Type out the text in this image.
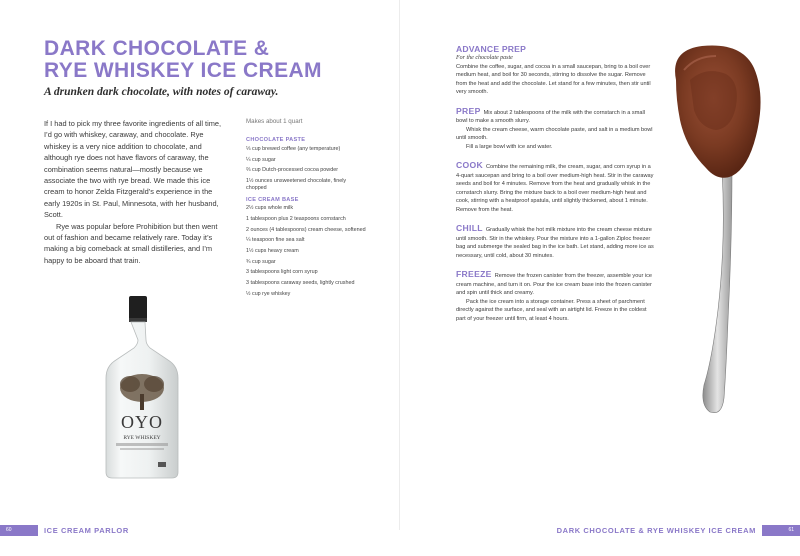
DARK CHOCOLATE &
RYE WHISKEY ICE CREAM
A drunken dark chocolate, with notes of caraway.

If I had to pick my three favorite ingredients of all time, I’d go with whiskey, caraway, and chocolate. Rye whiskey is a very nice addition to chocolate, and although rye does not have flavors of caraway, the combination seems natural—mostly because we associate the two with rye bread. We made this ice cream to honor Zelda Fitzgerald’s experience in the early 1920s in St. Paul, Minnesota, with her husband, Scott.

Rye was popular before Prohibition but then went out of fashion and became relatively rare. Today it’s making a big comeback at small distilleries, and I’m happy to be aboard that train.

Makes about 1 quart
CHOCOLATE PASTE
⅓ cup brewed coffee (any temperature)
¼ cup sugar
⅔ cup Dutch-processed cocoa powder
1½ ounces unsweetened chocolate, finely chopped
ICE CREAM BASE
2½ cups whole milk
1 tablespoon plus 2 teaspoons cornstarch
2 ounces (4 tablespoons) cream cheese, softened
¼ teaspoon fine sea salt
1½ cups heavy cream
¾ cup sugar
3 tablespoons light corn syrup
3 tablespoons caraway seeds, lightly crushed
½ cup rye whiskey
OYO
RYE WHISKEY
ADVANCE PREP
For the chocolate paste
Combine the coffee, sugar, and cocoa in a small saucepan, bring to a boil over medium heat, and boil for 30 seconds, stirring to dissolve the sugar. Remove from the heat and add the chocolate. Let stand for a few minutes, then stir until very smooth.
PREP Mix about 2 tablespoons of the milk with the cornstarch in a small bowl to make a smooth slurry.
Whisk the cream cheese, warm chocolate paste, and salt in a medium bowl until smooth.
Fill a large bowl with ice and water.
COOK Combine the remaining milk, the cream, sugar, and corn syrup in a 4-quart saucepan and bring to a boil over medium-high heat. Stir in the caraway seeds and boil for 4 minutes. Remove from the heat and gradually whisk in the cornstarch slurry. Bring the mixture back to a boil over medium-high heat and cook, stirring with a heatproof spatula, until slightly thickened, about 1 minute. Remove from the heat.
CHILL Gradually whisk the hot milk mixture into the cream cheese mixture until smooth. Stir in the whiskey. Pour the mixture into a 1-gallon Ziploc freezer bag and submerge the sealed bag in the ice bath. Let stand, adding more ice as necessary, until cold, about 30 minutes.
FREEZE Remove the frozen canister from the freezer, assemble your ice cream machine, and turn it on. Pour the ice cream base into the frozen canister and spin until thick and creamy.
Pack the ice cream into a storage container. Press a sheet of parchment directly against the surface, and seal with an airtight lid. Freeze in the coldest part of your freezer until firm, at least 4 hours.
60	ICE CREAM PARLOR	DARK CHOCOLATE & RYE WHISKEY ICE CREAM	61
